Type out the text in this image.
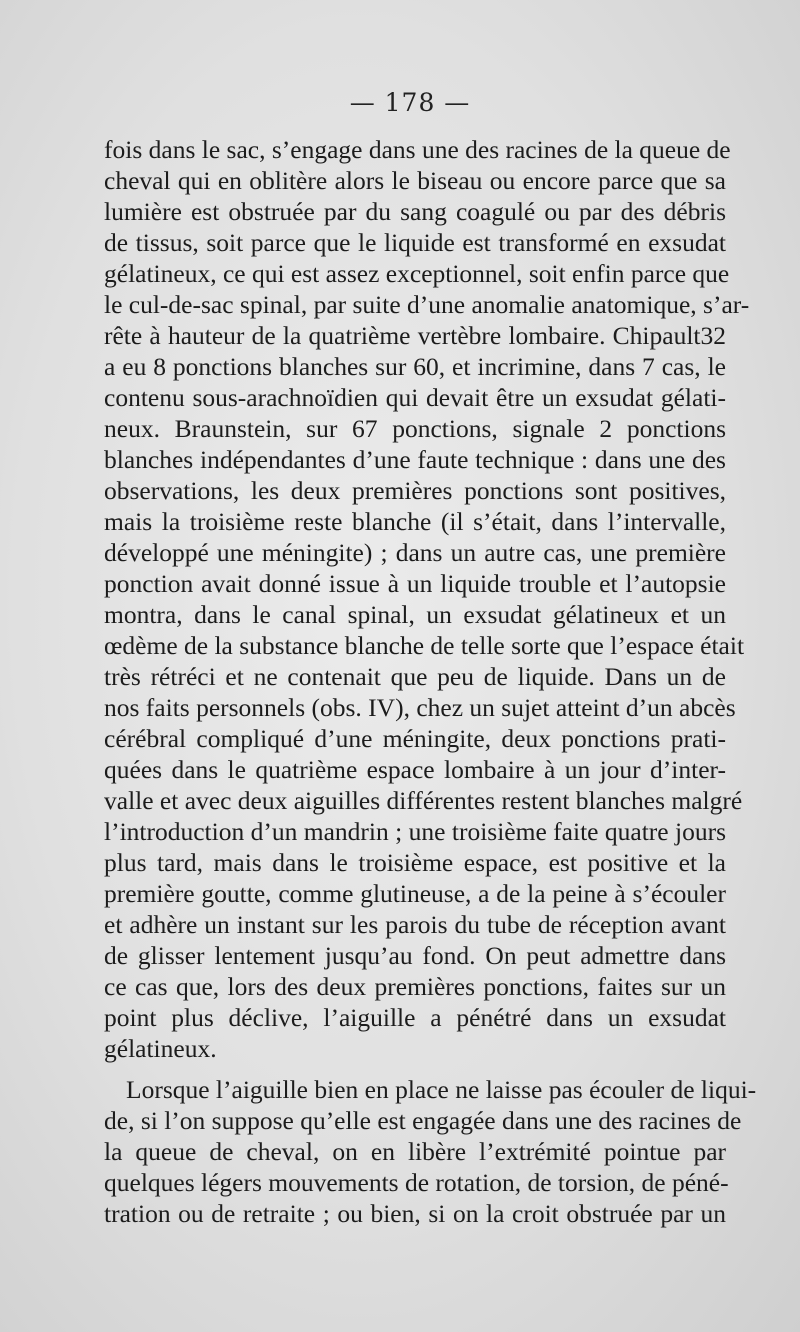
— 178 —
fois dans le sac, s’engage dans une des racines de la queue de
cheval qui en oblitère alors le biseau ou encore parce que sa
lumière est obstruée par du sang coagulé ou par des débris
de tissus, soit parce que le liquide est transformé en exsudat
gélatineux, ce qui est assez exceptionnel, soit enfin parce que
le cul-de-sac spinal, par suite d’une anomalie anatomique, s’ar-
rête à hauteur de la quatrième vertèbre lombaire. Chipault32
a eu 8 ponctions blanches sur 60, et incrimine, dans 7 cas, le
contenu sous-arachnoïdien qui devait être un exsudat gélati-
neux. Braunstein, sur 67 ponctions, signale 2 ponctions
blanches indépendantes d’une faute technique : dans une des
observations, les deux premières ponctions sont positives,
mais la troisième reste blanche (il s’était, dans l’intervalle,
développé une méningite) ; dans un autre cas, une première
ponction avait donné issue à un liquide trouble et l’autopsie
montra, dans le canal spinal, un exsudat gélatineux et un
œdème de la substance blanche de telle sorte que l’espace était
très rétréci et ne contenait que peu de liquide. Dans un de
nos faits personnels (obs. IV), chez un sujet atteint d’un abcès
cérébral compliqué d’une méningite, deux ponctions prati-
quées dans le quatrième espace lombaire à un jour d’inter-
valle et avec deux aiguilles différentes restent blanches malgré
l’introduction d’un mandrin ; une troisième faite quatre jours
plus tard, mais dans le troisième espace, est positive et la
première goutte, comme glutineuse, a de la peine à s’écouler
et adhère un instant sur les parois du tube de réception avant
de glisser lentement jusqu’au fond. On peut admettre dans
ce cas que, lors des deux premières ponctions, faites sur un
point plus déclive, l’aiguille a pénétré dans un exsudat
gélatineux.
Lorsque l’aiguille bien en place ne laisse pas écouler de liqui-
de, si l’on suppose qu’elle est engagée dans une des racines de
la queue de cheval, on en libère l’extrémité pointue par
quelques légers mouvements de rotation, de torsion, de péné-
tration ou de retraite ; ou bien, si on la croit obstruée par un
